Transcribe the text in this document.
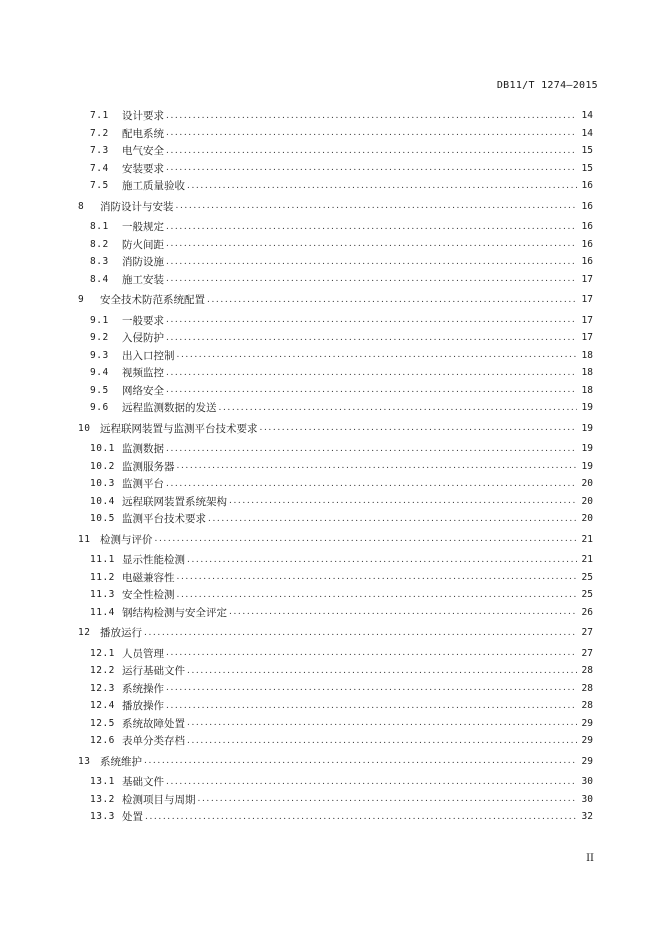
DB11/T 1274—2015
7.1	设计要求 .....	14
7.2	配电系统 .....	14
7.3	电气安全 .....	15
7.4	安装要求 .....	15
7.5	施工质量验收 .....	16
8	消防设计与安装 .....	16
8.1	一般规定 .....	16
8.2	防火间距 .....	16
8.3	消防设施 .....	16
8.4	施工安装 .....	17
9	安全技术防范系统配置 .....	17
9.1	一般要求 .....	17
9.2	入侵防护 .....	17
9.3	出入口控制 .....	18
9.4	视频监控 .....	18
9.5	网络安全 .....	18
9.6	远程监测数据的发送 .....	19
10 远程联网装置与监测平台技术要求 .....	19
10.1 监测数据 .....	19
10.2 监测服务器 .....	19
10.3 监测平台 .....	20
10.4 远程联网装置系统架构 .....	20
10.5 监测平台技术要求 .....	20
11 检测与评价 .....	21
11.1 显示性能检测 .....	21
11.2 电磁兼容性 .....	25
11.3 安全性检测 .....	25
11.4 钢结构检测与安全评定 .....	26
12 播放运行 .....	27
12.1 人员管理 .....	27
12.2 运行基础文件 .....	28
12.3 系统操作 .....	28
12.4 播放操作 .....	28
12.5 系统故障处置 .....	29
12.6 表单分类存档 .....	29
13 系统维护 .....	29
13.1 基础文件 .....	30
13.2 检测项目与周期 .....	30
13.3 处置 .....	32
II
